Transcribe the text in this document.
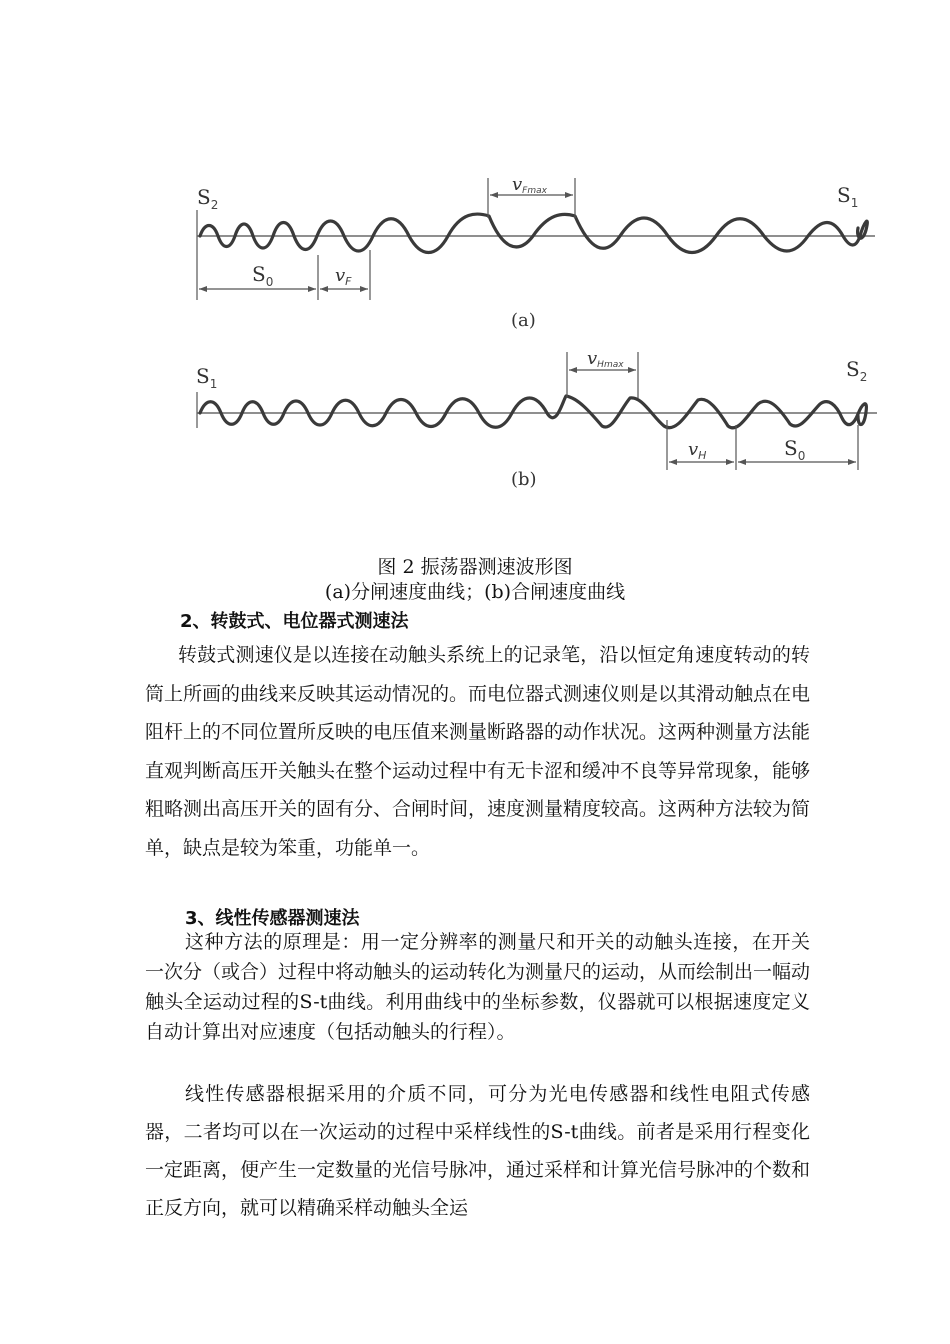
$S_2$	$S_1$
vFmax
$S_0$	$v_F$
(a)
$S_1$
$S_2$
vHmax
$v_H$	$S_0$
(b)
图 2 振荡器测速波形图
(a)分闸速度曲线；(b)合闸速度曲线
2、转鼓式、电位器式测速法

转鼓式测速仪是以连接在动触头系统上的记录笔，沿以恒定角速度转动的转筒上所画的曲线来反映其运动情况的。而电位器式测速仪则是以其滑动触点在电阻杆上的不同位置所反映的电压值来测量断路器的动作状况。这两种测量方法能直观判断高压开关触头在整个运动过程中有无卡涩和缓冲不良等异常现象，能够粗略测出高压开关的固有分、合闸时间，速度测量精度较高。这两种方法较为简单，缺点是较为笨重，功能单一。

3、线性传感器测速法

这种方法的原理是：用一定分辨率的测量尺和开关的动触头连接，在开关一次分（或合）过程中将动触头的运动转化为测量尺的运动，从而绘制出一幅动触头全运动过程的S-t曲线。利用曲线中的坐标参数，仪器就可以根据速度定义自动计算出对应速度（包括动触头的行程）。

线性传感器根据采用的介质不同，可分为光电传感器和线性电阻式传感器，二者均可以在一次运动的过程中采样线性的S-t曲线。前者是采用行程变化一定距离，便产生一定数量的光信号脉冲，通过采样和计算光信号脉冲的个数和正反方向，就可以精确采样动触头全运
